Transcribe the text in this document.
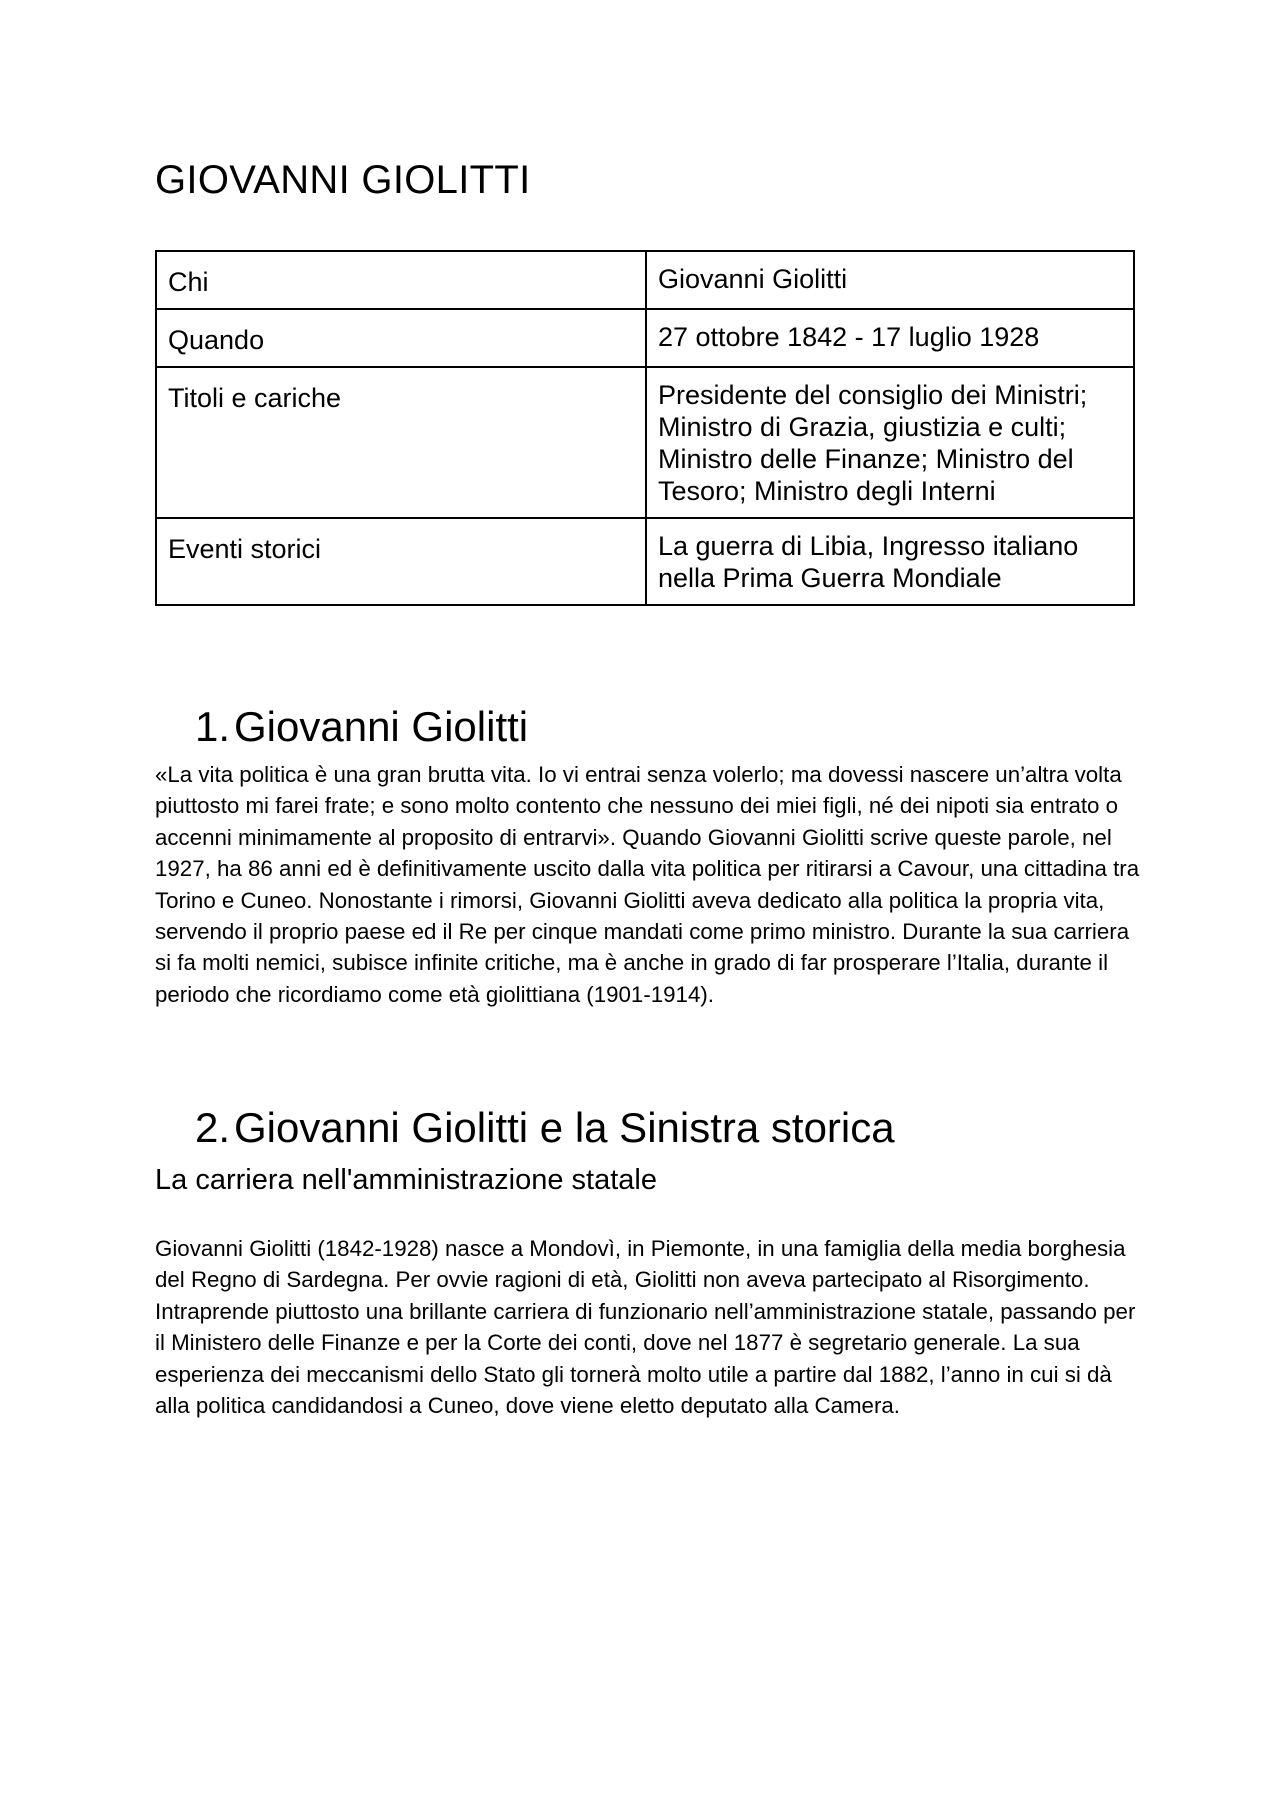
GIOVANNI GIOLITTI
Chi	Giovanni Giolitti

Quando	27 ottobre 1842 - 17 luglio 1928

Titoli e cariche	Presidente del consiglio dei Ministri; Ministro di Grazia, giustizia e culti; Ministro delle Finanze; Ministro del Tesoro; Ministro degli Interni

Eventi storici	La guerra di Libia, Ingresso italiano nella Prima Guerra Mondiale
1.Giovanni Giolitti

«La vita politica è una gran brutta vita. Io vi entrai senza volerlo; ma dovessi nascere un’altra volta piuttosto mi farei frate; e sono molto contento che nessuno dei miei figli, né dei nipoti sia entrato o accenni minimamente al proposito di entrarvi». Quando Giovanni Giolitti scrive queste parole, nel 1927, ha 86 anni ed è definitivamente uscito dalla vita politica per ritirarsi a Cavour, una cittadina tra Torino e Cuneo. Nonostante i rimorsi, Giovanni Giolitti aveva dedicato alla politica la propria vita, servendo il proprio paese ed il Re per cinque mandati come primo ministro. Durante la sua carriera si fa molti nemici, subisce infinite critiche, ma è anche in grado di far prosperare l’Italia, durante il periodo che ricordiamo come età giolittiana (1901-1914).

2.Giovanni Giolitti e la Sinistra storica
La carriera nell'amministrazione statale

Giovanni Giolitti (1842-1928) nasce a Mondovì, in Piemonte, in una famiglia della media borghesia del Regno di Sardegna. Per ovvie ragioni di età, Giolitti non aveva partecipato al Risorgimento. Intraprende piuttosto una brillante carriera di funzionario nell’amministrazione statale, passando per il Ministero delle Finanze e per la Corte dei conti, dove nel 1877 è segretario generale. La sua esperienza dei meccanismi dello Stato gli tornerà molto utile a partire dal 1882, l’anno in cui si dà alla politica candidandosi a Cuneo, dove viene eletto deputato alla Camera.
